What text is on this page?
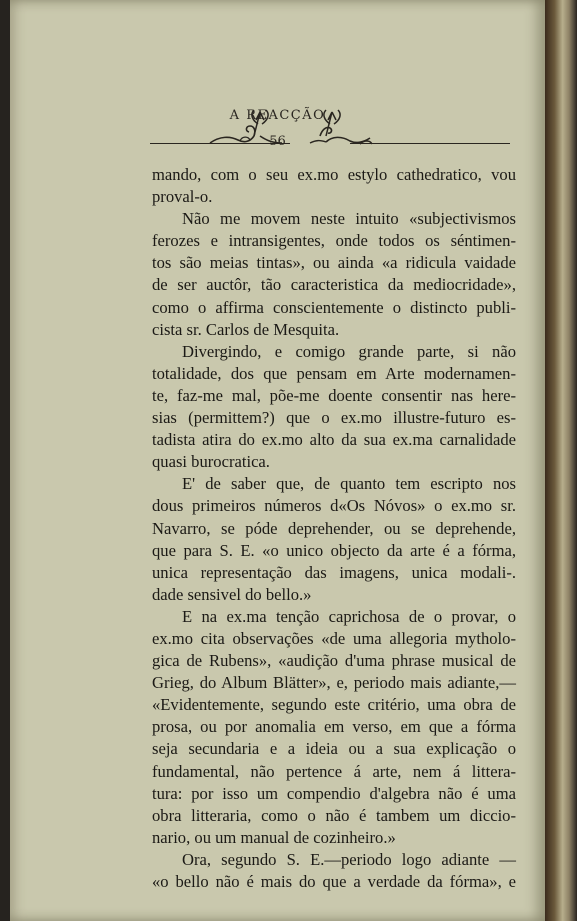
A REACÇÃO
56
mando, com o seu ex.mo estylo cathedratico, vou
proval-o.
Não me movem neste intuito «subjectivismos
ferozes e intransigentes, onde todos os séntimen-
tos são meias tintas», ou ainda «a ridicula vaidade
de ser auctôr, tão caracteristica da mediocridade»,
como o affirma conscientemente o distincto publi-
cista sr. Carlos de Mesquita.
Divergindo, e comigo grande parte, si não
totalidade, dos que pensam em Arte modernamen-
te, faz-me mal, põe-me doente consentir nas here-
sias (permittem?) que o ex.mo illustre-futuro es-
tadista atira do ex.mo alto da sua ex.ma carnalidade
quasi burocratica.
E' de saber que, de quanto tem escripto nos
dous primeiros números d«Os Nóvos» o ex.mo sr.
Navarro, se póde deprehender, ou se deprehende,
que para S. E. «o unico objecto da arte é a fórma,
unica representação das imagens, unica modali-.
dade sensivel do bello.»
E na ex.ma tenção caprichosa de o provar, o
ex.mo cita observações «de uma allegoria mytholo-
gica de Rubens», «audição d'uma phrase musical de
Grieg, do Album Blätter», e, periodo mais adiante,—
«Evidentemente, segundo este critério, uma obra de
prosa, ou por anomalia em verso, em que a fórma
seja secundaria e a ideia ou a sua explicação o
fundamental, não pertence á arte, nem á littera-
tura: por isso um compendio d'algebra não é uma
obra litteraria, como o não é tambem um diccio-
nario, ou um manual de cozinheiro.»
Ora, segundo S. E.—periodo logo adiante —
«o bello não é mais do que a verdade da fórma», e
